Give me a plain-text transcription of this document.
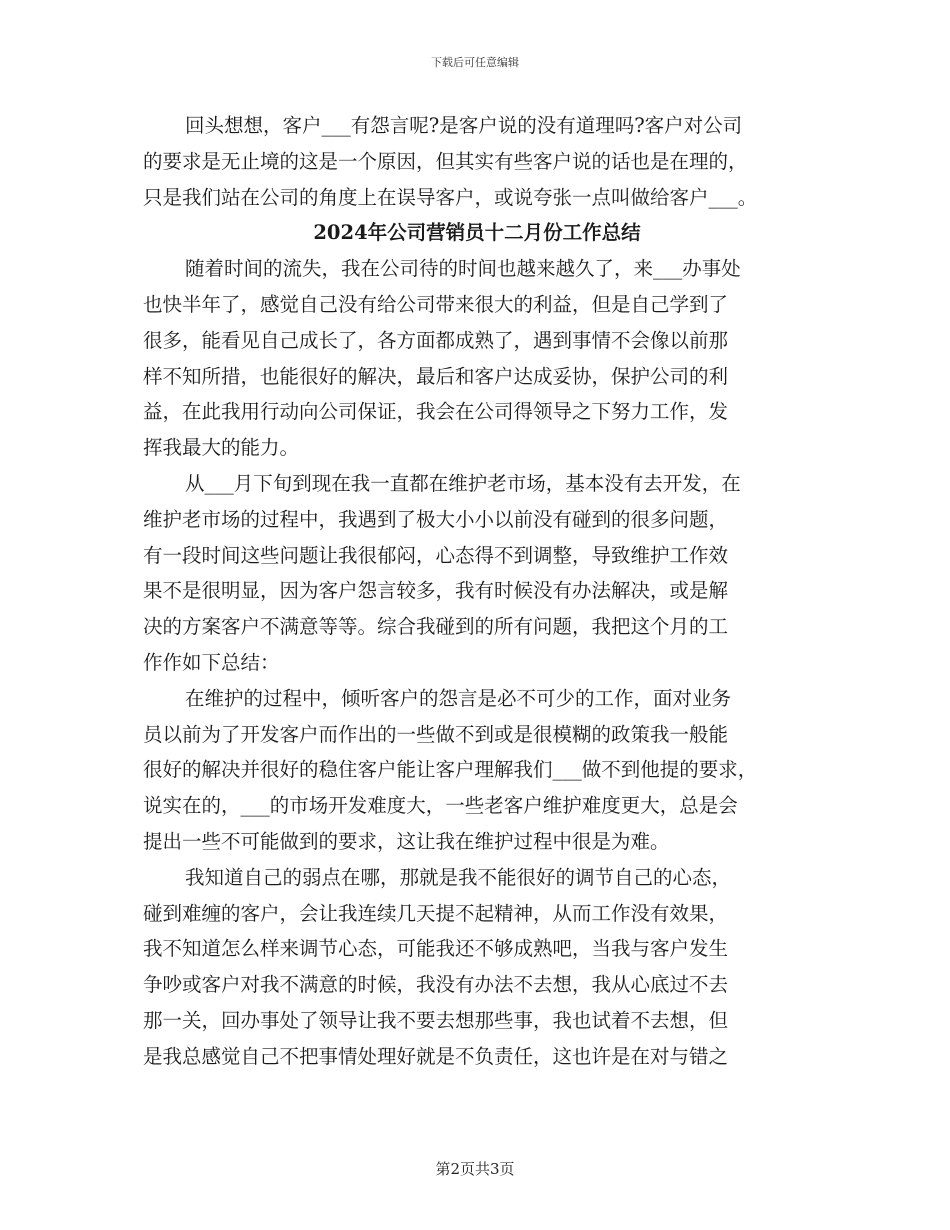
下载后可任意编辑
回头想想，客户___有怨言呢?是客户说的没有道理吗?客户对公司
的要求是无止境的这是一个原因，但其实有些客户说的话也是在理的，
只是我们站在公司的角度上在误导客户，或说夸张一点叫做给客户___。
2024年公司营销员十二月份工作总结
随着时间的流失，我在公司待的时间也越来越久了，来___办事处
也快半年了，感觉自己没有给公司带来很大的利益，但是自己学到了
很多，能看见自己成长了，各方面都成熟了，遇到事情不会像以前那
样不知所措，也能很好的解决，最后和客户达成妥协，保护公司的利
益，在此我用行动向公司保证，我会在公司得领导之下努力工作，发
挥我最大的能力。
从___月下旬到现在我一直都在维护老市场，基本没有去开发，在
维护老市场的过程中，我遇到了极大小小以前没有碰到的很多问题，
有一段时间这些问题让我很郁闷，心态得不到调整，导致维护工作效
果不是很明显，因为客户怨言较多，我有时候没有办法解决，或是解
决的方案客户不满意等等。综合我碰到的所有问题，我把这个月的工
作作如下总结：
在维护的过程中，倾听客户的怨言是必不可少的工作，面对业务
员以前为了开发客户而作出的一些做不到或是很模糊的政策我一般能
很好的解决并很好的稳住客户能让客户理解我们___做不到他提的要求，
说实在的，___的市场开发难度大，一些老客户维护难度更大，总是会
提出一些不可能做到的要求，这让我在维护过程中很是为难。
我知道自己的弱点在哪，那就是我不能很好的调节自己的心态，
碰到难缠的客户，会让我连续几天提不起精神，从而工作没有效果，
我不知道怎么样来调节心态，可能我还不够成熟吧，当我与客户发生
争吵或客户对我不满意的时候，我没有办法不去想，我从心底过不去
那一关，回办事处了领导让我不要去想那些事，我也试着不去想，但
是我总感觉自己不把事情处理好就是不负责任，这也许是在对与错之
第2页共3页
